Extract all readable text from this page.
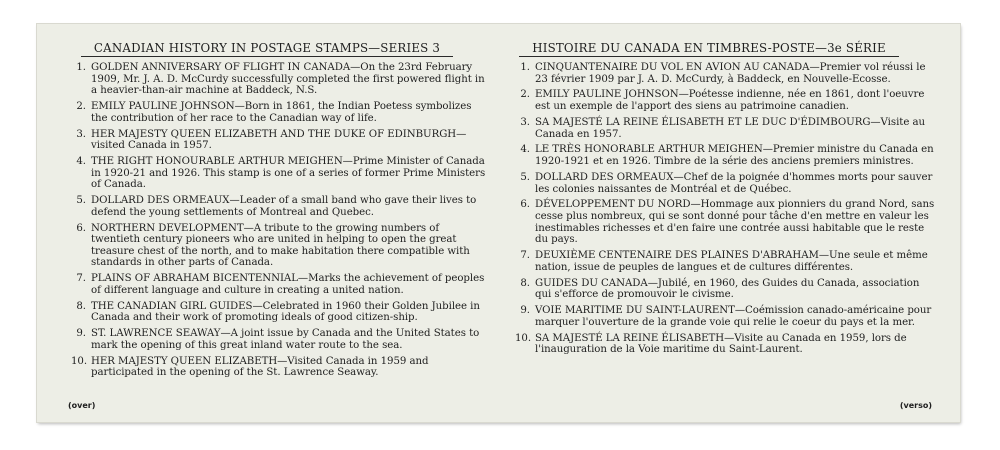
CANADIAN HISTORY IN POSTAGE STAMPS—SERIES 3
1. GOLDEN ANNIVERSARY OF FLIGHT IN CANADA—On the 23rd February 1909, Mr. J. A. D. McCurdy successfully completed the first powered flight in a heavier-than-air machine at Baddeck, N.S.
2. EMILY PAULINE JOHNSON—Born in 1861, the Indian Poetess symbolizes the contribution of her race to the Canadian way of life.
3. HER MAJESTY QUEEN ELIZABETH AND THE DUKE OF EDINBURGH—visited Canada in 1957.
4. THE RIGHT HONOURABLE ARTHUR MEIGHEN—Prime Minister of Canada in 1920-21 and 1926. This stamp is one of a series of former Prime Ministers of Canada.
5. DOLLARD DES ORMEAUX—Leader of a small band who gave their lives to defend the young settlements of Montreal and Quebec.
6. NORTHERN DEVELOPMENT—A tribute to the growing numbers of twentieth century pioneers who are united in helping to open the great treasure chest of the north, and to make habitation there compatible with standards in other parts of Canada.
7. PLAINS OF ABRAHAM BICENTENNIAL—Marks the achievement of peoples of different language and culture in creating a united nation.
8. THE CANADIAN GIRL GUIDES—Celebrated in 1960 their Golden Jubilee in Canada and their work of promoting ideals of good citizen-ship.
9. ST. LAWRENCE SEAWAY—A joint issue by Canada and the United States to mark the opening of this great inland water route to the sea.
10. HER MAJESTY QUEEN ELIZABETH—Visited Canada in 1959 and participated in the opening of the St. Lawrence Seaway.
HISTOIRE DU CANADA EN TIMBRES-POSTE—3e SÉRIE
1. CINQUANTENAIRE DU VOL EN AVION AU CANADA—Premier vol réussi le 23 février 1909 par J. A. D. McCurdy, à Baddeck, en Nouvelle-Ecosse.
2. EMILY PAULINE JOHNSON—Poétesse indienne, née en 1861, dont l'oeuvre est un exemple de l'apport des siens au patrimoine canadien.
3. SA MAJESTÉ LA REINE ÉLISABETH ET LE DUC D'ÉDIMBOURG—Visite au Canada en 1957.
4. LE TRÈS HONORABLE ARTHUR MEIGHEN—Premier ministre du Canada en 1920-1921 et en 1926. Timbre de la série des anciens premiers ministres.
5. DOLLARD DES ORMEAUX—Chef de la poignée d'hommes morts pour sauver les colonies naissantes de Montréal et de Québec.
6. DÉVELOPPEMENT DU NORD—Hommage aux pionniers du grand Nord, sans cesse plus nombreux, qui se sont donné pour tâche d'en mettre en valeur les inestimables richesses et d'en faire une contrée aussi habitable que le reste du pays.
7. DEUXIÈME CENTENAIRE DES PLAINES D'ABRAHAM—Une seule et même nation, issue de peuples de langues et de cultures différentes.
8. GUIDES DU CANADA—Jubilé, en 1960, des Guides du Canada, association qui s'efforce de promouvoir le civisme.
9. VOIE MARITIME DU SAINT-LAURENT—Coémission canado-américaine pour marquer l'ouverture de la grande voie qui relie le coeur du pays et la mer.
10. SA MAJESTÉ LA REINE ÉLISABETH—Visite au Canada en 1959, lors de l'inauguration de la Voie maritime du Saint-Laurent.
(over)	(verso)
